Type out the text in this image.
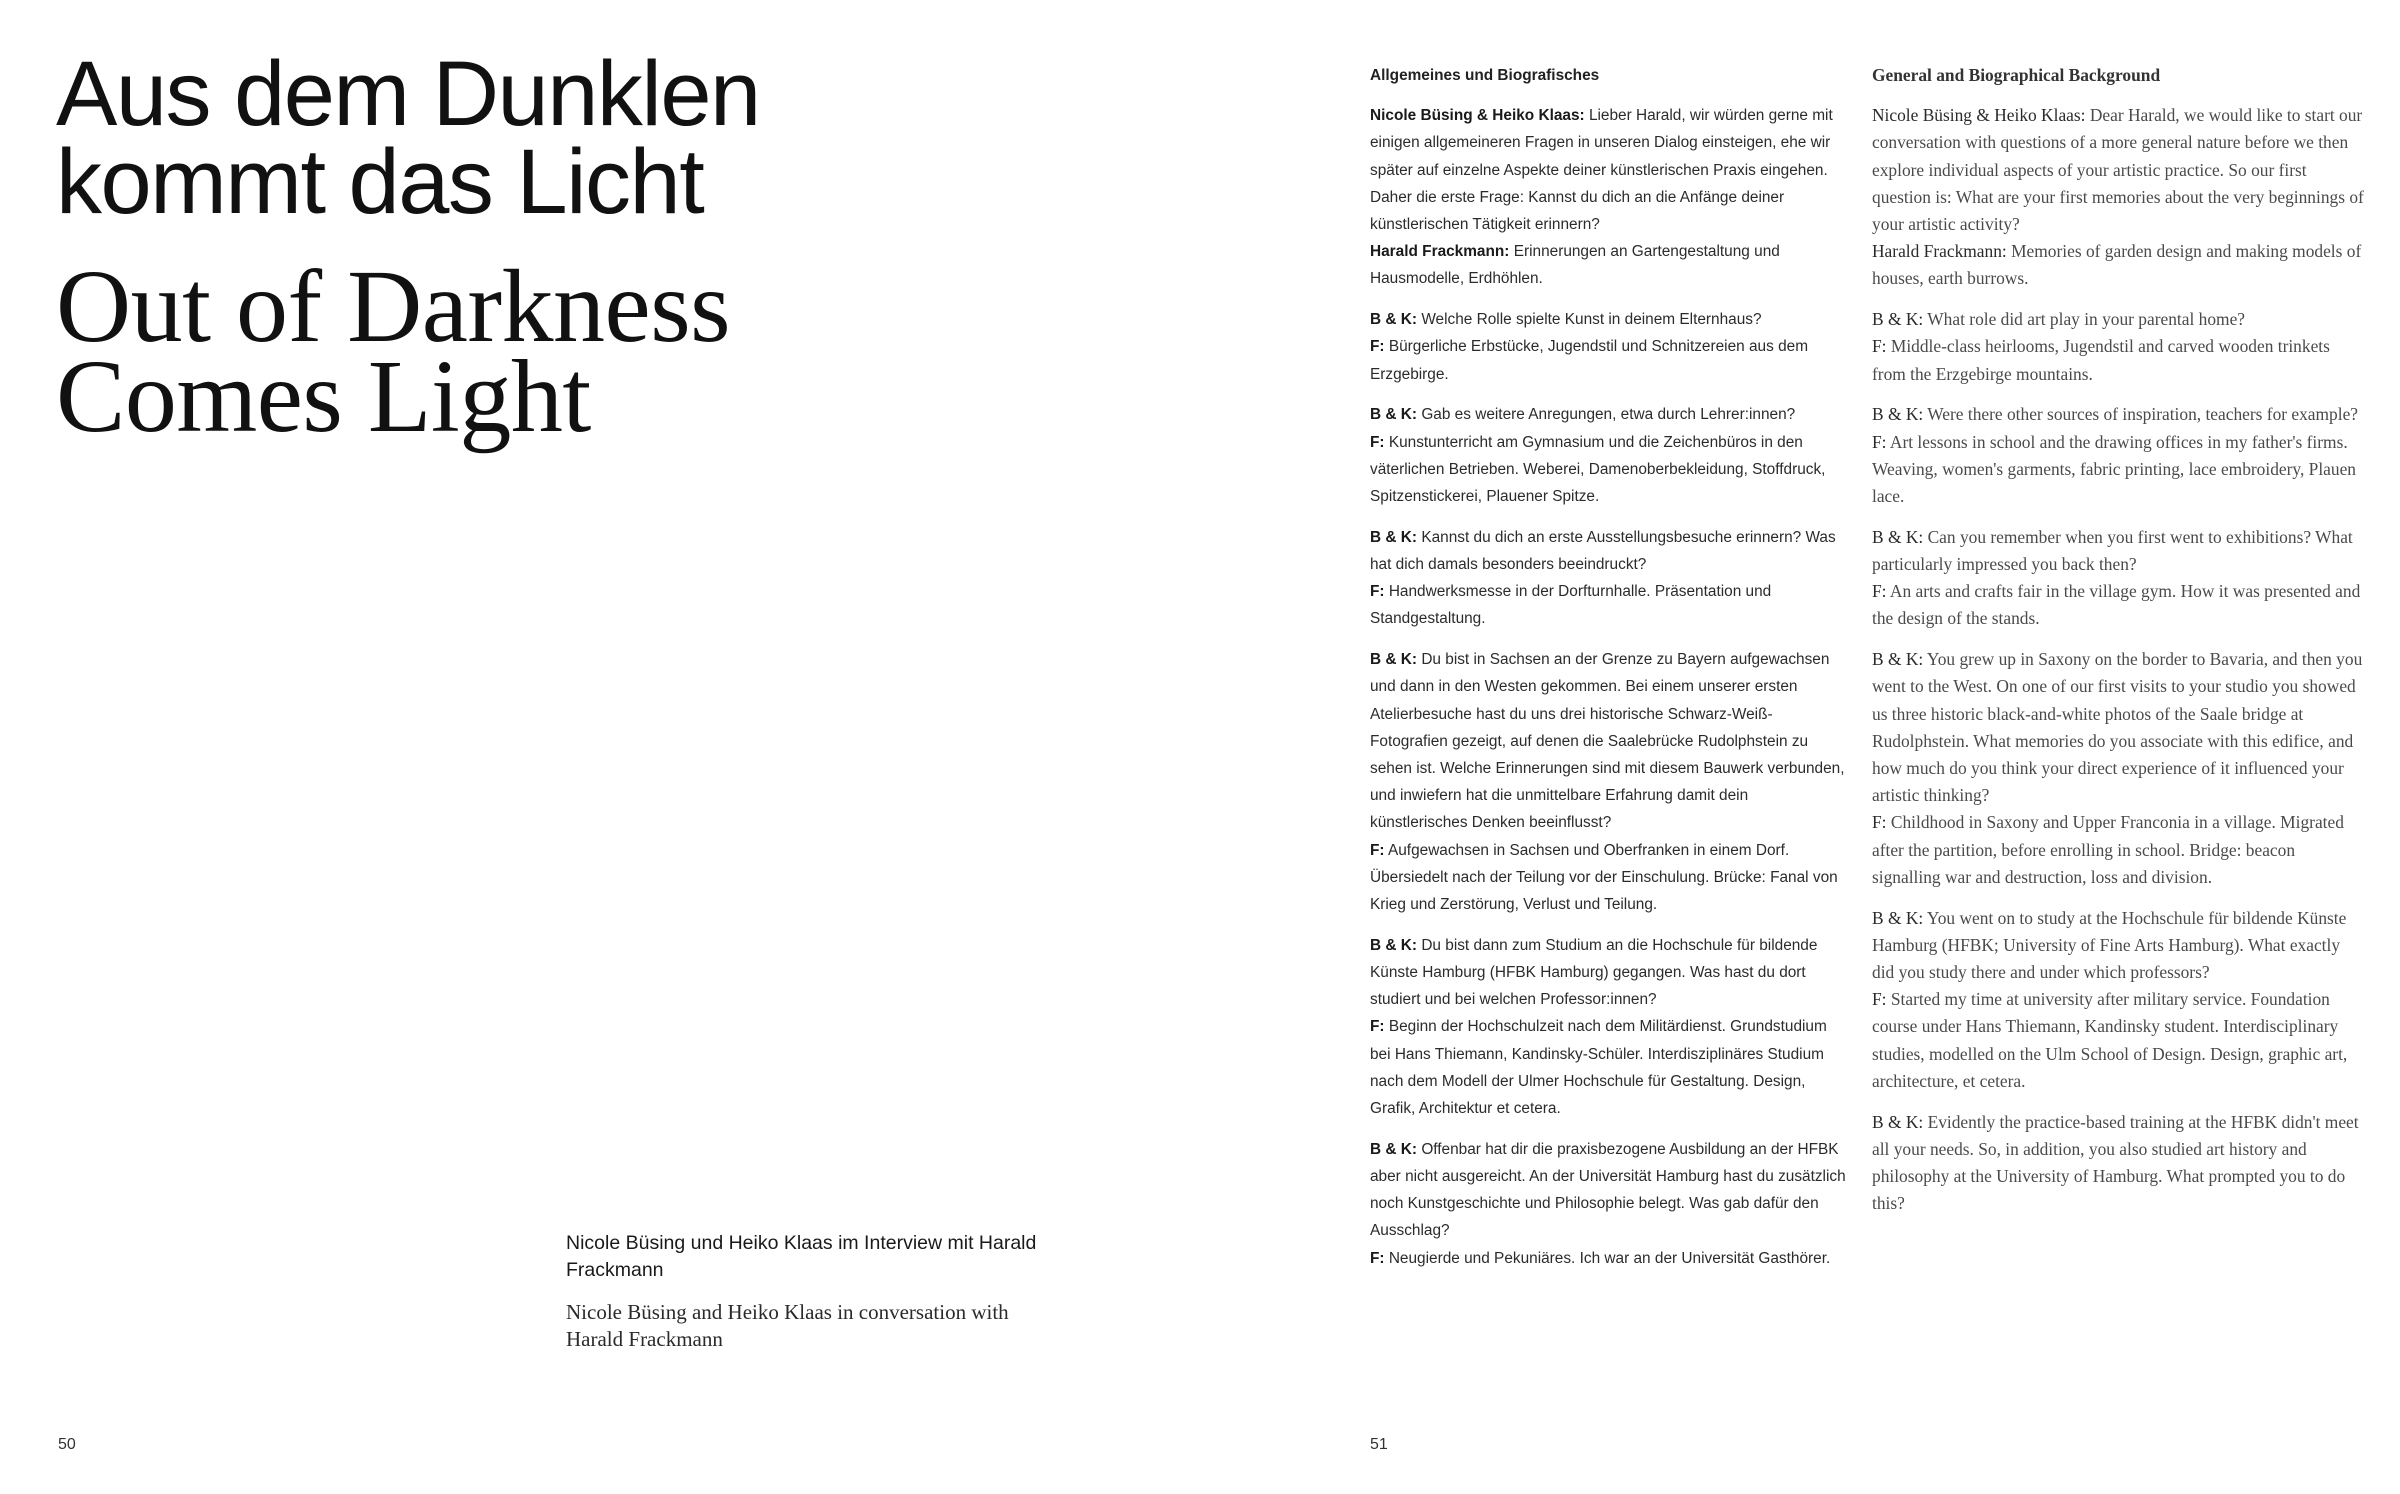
Aus dem Dunklen kommt das Licht
Out of Darkness Comes Light
Nicole Büsing und Heiko Klaas im Interview mit Harald Frackmann
Nicole Büsing and Heiko Klaas in conversation with Harald Frackmann
50
Allgemeines und Biografisches

Nicole Büsing & Heiko Klaas: Lieber Harald, wir würden gerne mit einigen allgemeineren Fragen in unseren Dialog einsteigen, ehe wir später auf einzelne Aspekte deiner künstlerischen Praxis eingehen. Daher die erste Frage: Kannst du dich an die Anfänge deiner künstlerischen Tätigkeit erinnern?

Harald Frackmann: Erinnerungen an Gartengestaltung und Hausmodelle, Erdhöhlen.

B & K: Welche Rolle spielte Kunst in deinem Elternhaus?

F: Bürgerliche Erbstücke, Jugendstil und Schnitzereien aus dem Erzgebirge.

B & K: Gab es weitere Anregungen, etwa durch Lehrer:innen?

F: Kunstunterricht am Gymnasium und die Zeichenbüros in den väterlichen Betrieben. Weberei, Damenoberbekleidung, Stoffdruck, Spitzenstickerei, Plauener Spitze.

B & K: Kannst du dich an erste Ausstellungsbesuche erinnern? Was hat dich damals besonders beeindruckt?

F: Handwerksmesse in der Dorfturnhalle. Präsentation und Standgestaltung.

B & K: Du bist in Sachsen an der Grenze zu Bayern aufgewachsen und dann in den Westen gekommen. Bei einem unserer ersten Atelierbesuche hast du uns drei historische Schwarz-Weiß-Fotografien gezeigt, auf denen die Saalebrücke Rudolphstein zu sehen ist. Welche Erinnerungen sind mit diesem Bauwerk verbunden, und inwiefern hat die unmittelbare Erfahrung damit dein künstlerisches Denken beeinflusst?

F: Aufgewachsen in Sachsen und Oberfranken in einem Dorf. Übersiedelt nach der Teilung vor der Einschulung. Brücke: Fanal von Krieg und Zerstörung, Verlust und Teilung.

B & K: Du bist dann zum Studium an die Hochschule für bildende Künste Hamburg (HFBK Hamburg) gegangen. Was hast du dort studiert und bei welchen Professor:innen?

F: Beginn der Hochschulzeit nach dem Militärdienst. Grundstudium bei Hans Thiemann, Kandinsky-Schüler. Interdisziplinäres Studium nach dem Modell der Ulmer Hochschule für Gestaltung. Design, Grafik, Architektur et cetera.

B & K: Offenbar hat dir die praxisbezogene Ausbildung an der HFBK aber nicht ausgereicht. An der Universität Hamburg hast du zusätzlich noch Kunstgeschichte und Philosophie belegt. Was gab dafür den Ausschlag?

F: Neugierde und Pekuniäres. Ich war an der Universität Gasthörer.

General and Biographical Background

Nicole Büsing & Heiko Klaas: Dear Harald, we would like to start our conversation with questions of a more general nature before we then explore individual aspects of your artistic practice. So our first question is: What are your first memories about the very beginnings of your artistic activity?

Harald Frackmann: Memories of garden design and making models of houses, earth burrows.

B & K: What role did art play in your parental home?

F: Middle-class heirlooms, Jugendstil and carved wooden trinkets from the Erzgebirge mountains.

B & K: Were there other sources of inspiration, teachers for example?

F: Art lessons in school and the drawing offices in my father's firms. Weaving, women's garments, fabric printing, lace embroidery, Plauen lace.

B & K: Can you remember when you first went to exhibitions? What particularly impressed you back then?

F: An arts and crafts fair in the village gym. How it was presented and the design of the stands.

B & K: You grew up in Saxony on the border to Bavaria, and then you went to the West. On one of our first visits to your studio you showed us three historic black-and-white photos of the Saale bridge at Rudolphstein. What memories do you associate with this edifice, and how much do you think your direct experience of it influenced your artistic thinking?

F: Childhood in Saxony and Upper Franconia in a village. Migrated after the partition, before enrolling in school. Bridge: beacon signalling war and destruction, loss and division.

B & K: You went on to study at the Hochschule für bildende Künste Hamburg (HFBK; University of Fine Arts Hamburg). What exactly did you study there and under which professors?

F: Started my time at university after military service. Foundation course under Hans Thiemann, Kandinsky student. Interdisciplinary studies, modelled on the Ulm School of Design. Design, graphic art, architecture, et cetera.

B & K: Evidently the practice-based training at the HFBK didn't meet all your needs. So, in addition, you also studied art history and philosophy at the University of Hamburg. What prompted you to do this?

51
